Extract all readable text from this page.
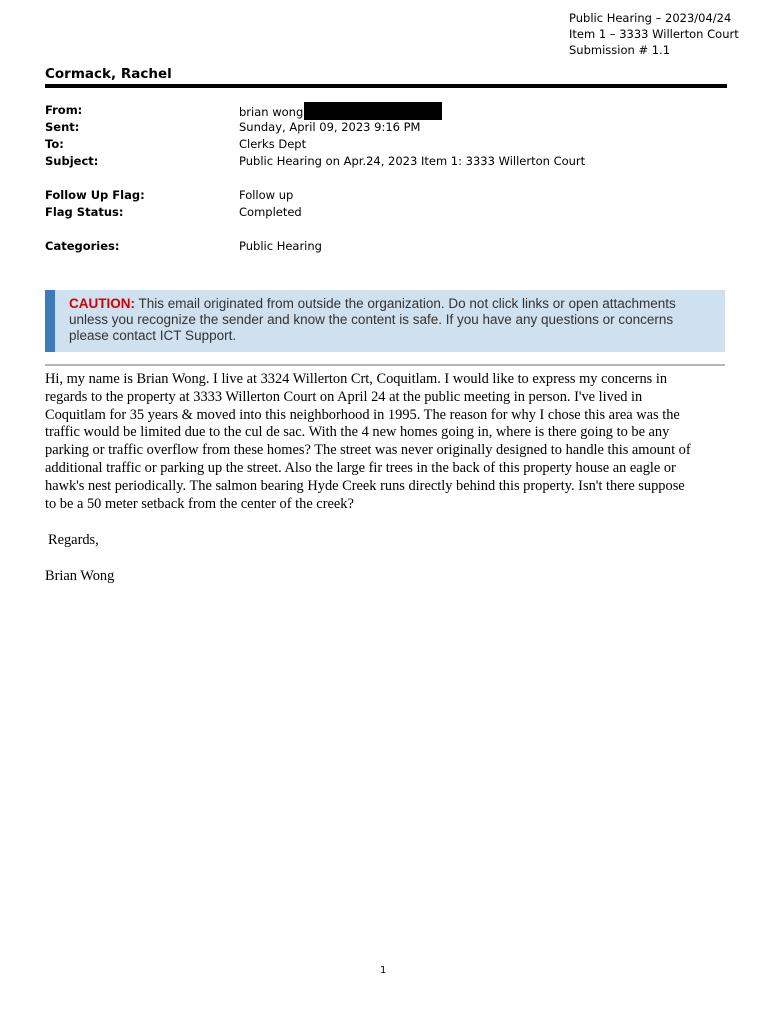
Public Hearing – 2023/04/24
Item 1 – 3333 Willerton Court
Submission # 1.1
Cormack, Rachel
From:	brian wong
Sent:	Sunday, April 09, 2023 9:16 PM
To:	Clerks Dept
Subject:	Public Hearing on Apr.24, 2023 Item 1: 3333 Willerton Court
Follow Up Flag:	Follow up
Flag Status:	Completed
Categories:	Public Hearing
CAUTION: This email originated from outside the organization. Do not click links or open attachments
unless you recognize the sender and know the content is safe. If you have any questions or concerns
please contact ICT Support.

Hi, my name is Brian Wong. I live at 3324 Willerton Crt, Coquitlam. I would like to express my concerns in

regards to the property at 3333 Willerton Court on April 24 at the public meeting in person. I've lived in

Coquitlam for 35 years & moved into this neighborhood in 1995. The reason for why I chose this area was the

traffic would be limited due to the cul de sac. With the 4 new homes going in, where is there going to be any

parking or traffic overflow from these homes? The street was never originally designed to handle this amount of

additional traffic or parking up the street. Also the large fir trees in the back of this property house an eagle or

hawk's nest periodically. The salmon bearing Hyde Creek runs directly behind this property. Isn't there suppose

to be a 50 meter setback from the center of the creek?

Regards,
Brian Wong
1
